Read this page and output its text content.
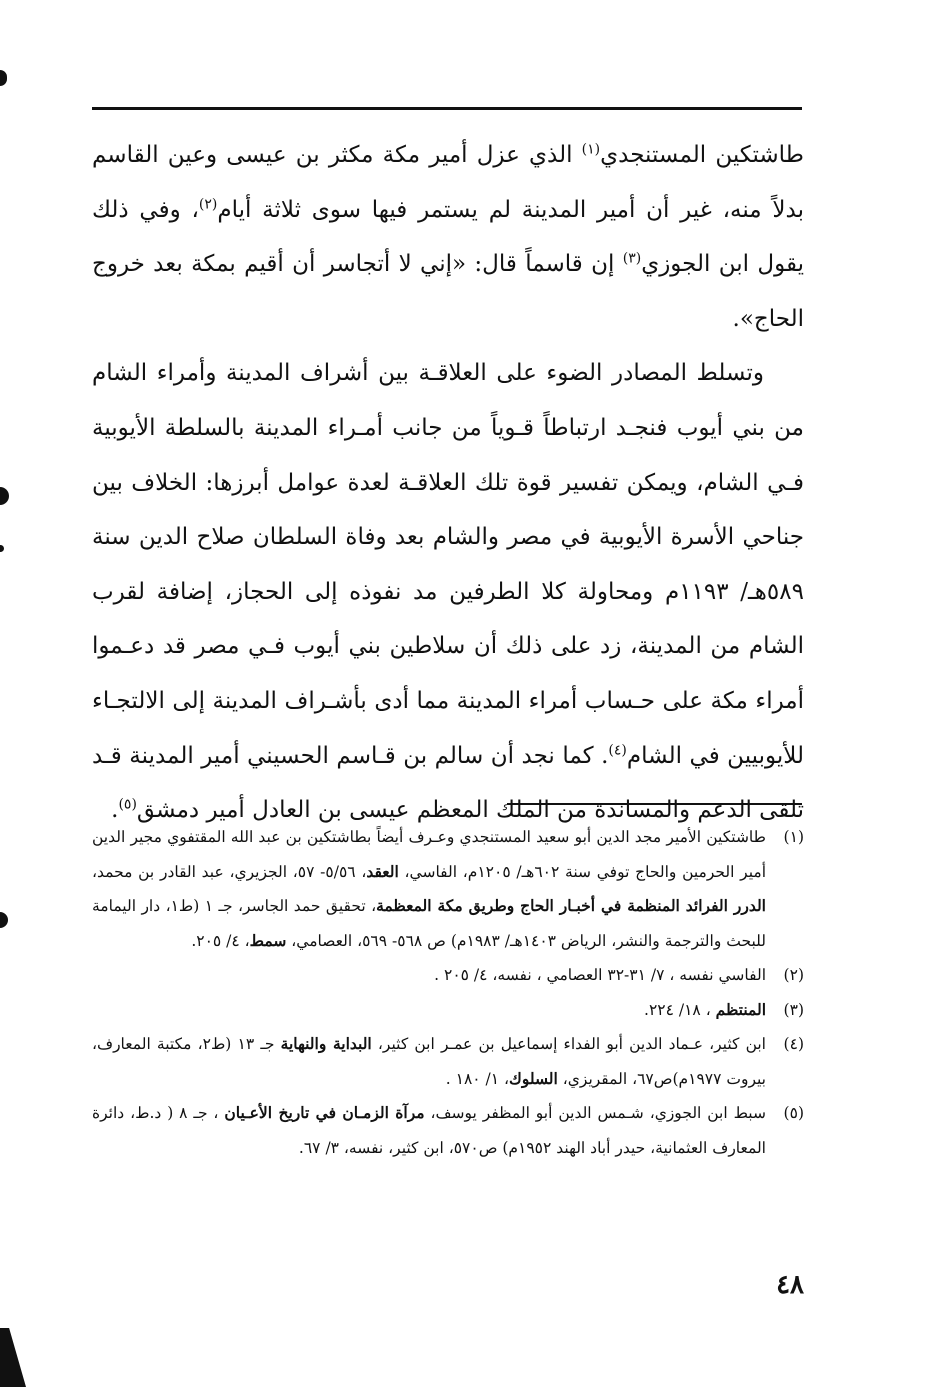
طاشتكين المستنجدي$^{(١)}$ الذي عزل أمير مكة مكثر بن عيسى وعين القاسم بدلاً منه، غير أن أمير المدينة لم يستمر فيها سوى ثلاثة أيام$^{(٢)}$، وفي ذلك يقول ابن الجوزي$^{(٣)}$ إن قاسماً قال: «إني لا أتجاسر أن أقيم بمكة بعد خروج الحاج».

وتسلط المصادر الضوء على العلاقـة بين أشراف المدينة وأمراء الشام من بني أيوب فنجـد ارتباطاً قـوياً من جانب أمـراء المدينة بالسلطة الأيوبية فـي الشام، ويمكن تفسير قوة تلك العلاقـة لعدة عوامل أبرزها: الخلاف بين جناحي الأسرة الأيوبية في مصر والشام بعد وفاة السلطان صلاح الدين سنة ٥٨٩هـ/ ١١٩٣م ومحاولة كلا الطرفين مد نفوذه إلى الحجاز، إضافة لقرب الشام من المدينة، زد على ذلك أن سلاطين بني أيوب فـي مصر قد دعـموا أمراء مكة على حـساب أمراء المدينة مما أدى بأشـراف المدينة إلى الالتجـاء للأيوبيين في الشام$^{(٤)}$. كما نجد أن سالم بن قـاسم الحسيني أمير المدينة قـد تلقى الدعم والمساندة من الملك المعظم عيسى بن العادل أمير دمشق$^{(٥)}$.

(١)
طاشتكين الأمير مجد الدين أبو سعيد المستنجدي وعـرف أيضاً بطاشتكين بن عبد الله المقتفوي مجير الدين أمير الحرمين والحاج توفي سنة ٦٠٢هـ/ ١٢٠٥م، الفاسي، العقد، ٥/٥٦- ٥٧، الجزيري، عبد القادر بن محمد، الدرر الفرائد المنظمة في أخبـار الحاج وطريق مكة المعظمة، تحقيق حمد الجاسر، جـ ١ (ط١، دار اليمامة للبحث والترجمة والنشر، الرياض ١٤٠٣هـ/ ١٩٨٣م) ص ٥٦٨- ٥٦٩، العصامي، سمط، ٤/ ٢٠٥.
(٢)
الفاسي نفسه ، ٧/ ٣١-٣٢ العصامي ، نفسه، ٤/ ٢٠٥ .
(٣)
المنتظم ، ١٨/ ٢٢٤.
(٤)
ابن كثير، عـماد الدين أبو الفداء إسماعيل بن عمـر ابن كثير، البداية والنهاية جـ ١٣ (ط٢، مكتبة المعارف، بيروت ١٩٧٧م)ص٦٧، المقريزي، السلوك، ١/ ١٨٠ .
(٥)
سبط ابن الجوزي، شـمس الدين أبو المظفر يوسف، مرآة الزمـان في تاريخ الأعـيان ، جـ ٨ ( د.ط، دائرة المعارف العثمانية، حيدر أباد الهند ١٩٥٢م) ص٥٧٠، ابن كثير، نفسه، ٣/ ٦٧.
٤٨
